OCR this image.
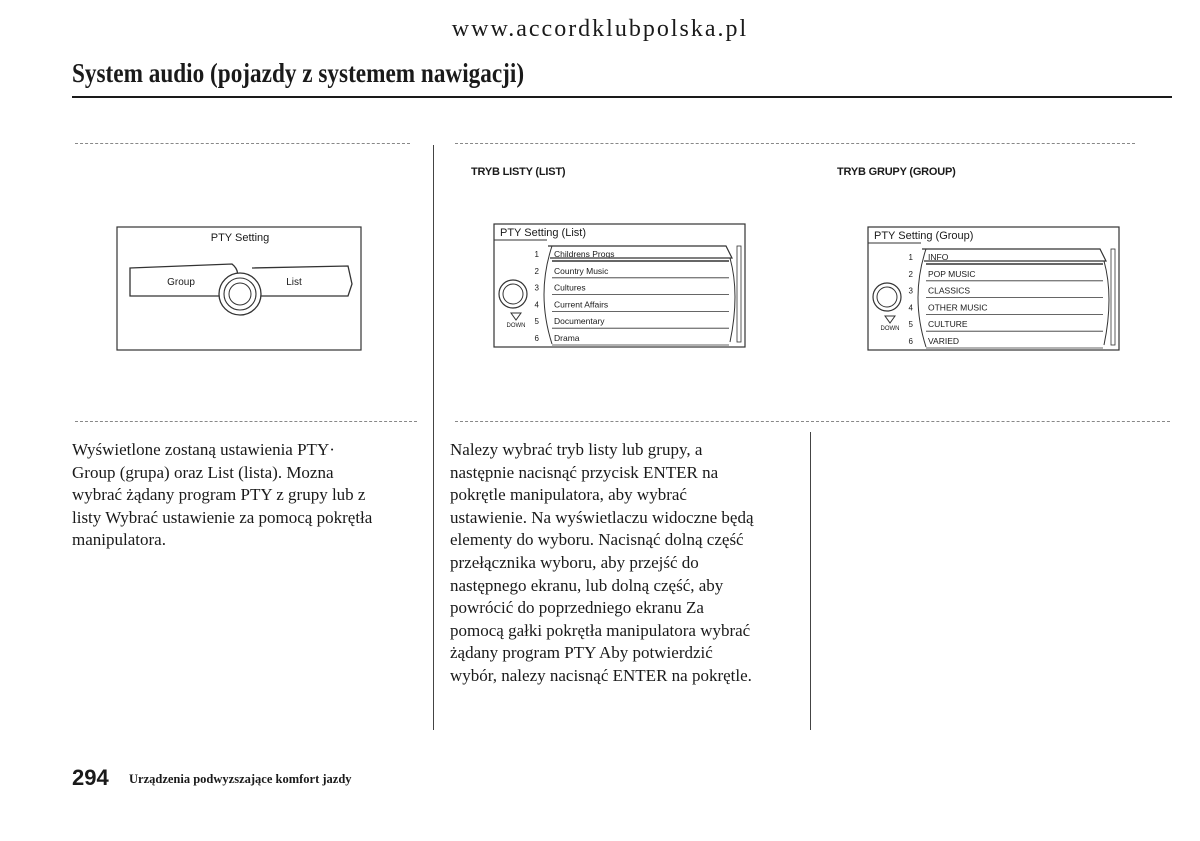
www.accordklubpolska.pl
System audio (pojazdy z systemem nawigacji)
PTY Setting
Group	List
TRYB LISTY (LIST)
PTY Setting (List)
DOWN
1 Childrens Progs
2 Country Music
3 Cultures
4 Current Affairs
5 Documentary
6 Drama
TRYB GRUPY (GROUP)
PTY Setting (Group)
DOWN
1 INFO
2 POP MUSIC
3 CLASSICS
4 OTHER MUSIC
5 CULTURE
6 VARIED
Wyświetlone zostaną ustawienia PTY·
Group (grupa) oraz List (lista). Mozna
wybrać żądany program PTY z grupy lub z
listy Wybrać ustawienie za pomocą pokrętła
manipulatora.
Nalezy wybrać tryb listy lub grupy, a
następnie nacisnąć przycisk ENTER na
pokrętle manipulatora, aby wybrać
ustawienie. Na wyświetlaczu widoczne będą
elementy do wyboru. Nacisnąć dolną część
przełącznika wyboru, aby przejść do
następnego ekranu, lub dolną część, aby
powrócić do poprzedniego ekranu Za
pomocą gałki pokrętła manipulatora wybrać
żądany program PTY Aby potwierdzić
wybór, nalezy nacisnąć ENTER na pokrętle.
294 Urządzenia podwyzszające komfort jazdy
